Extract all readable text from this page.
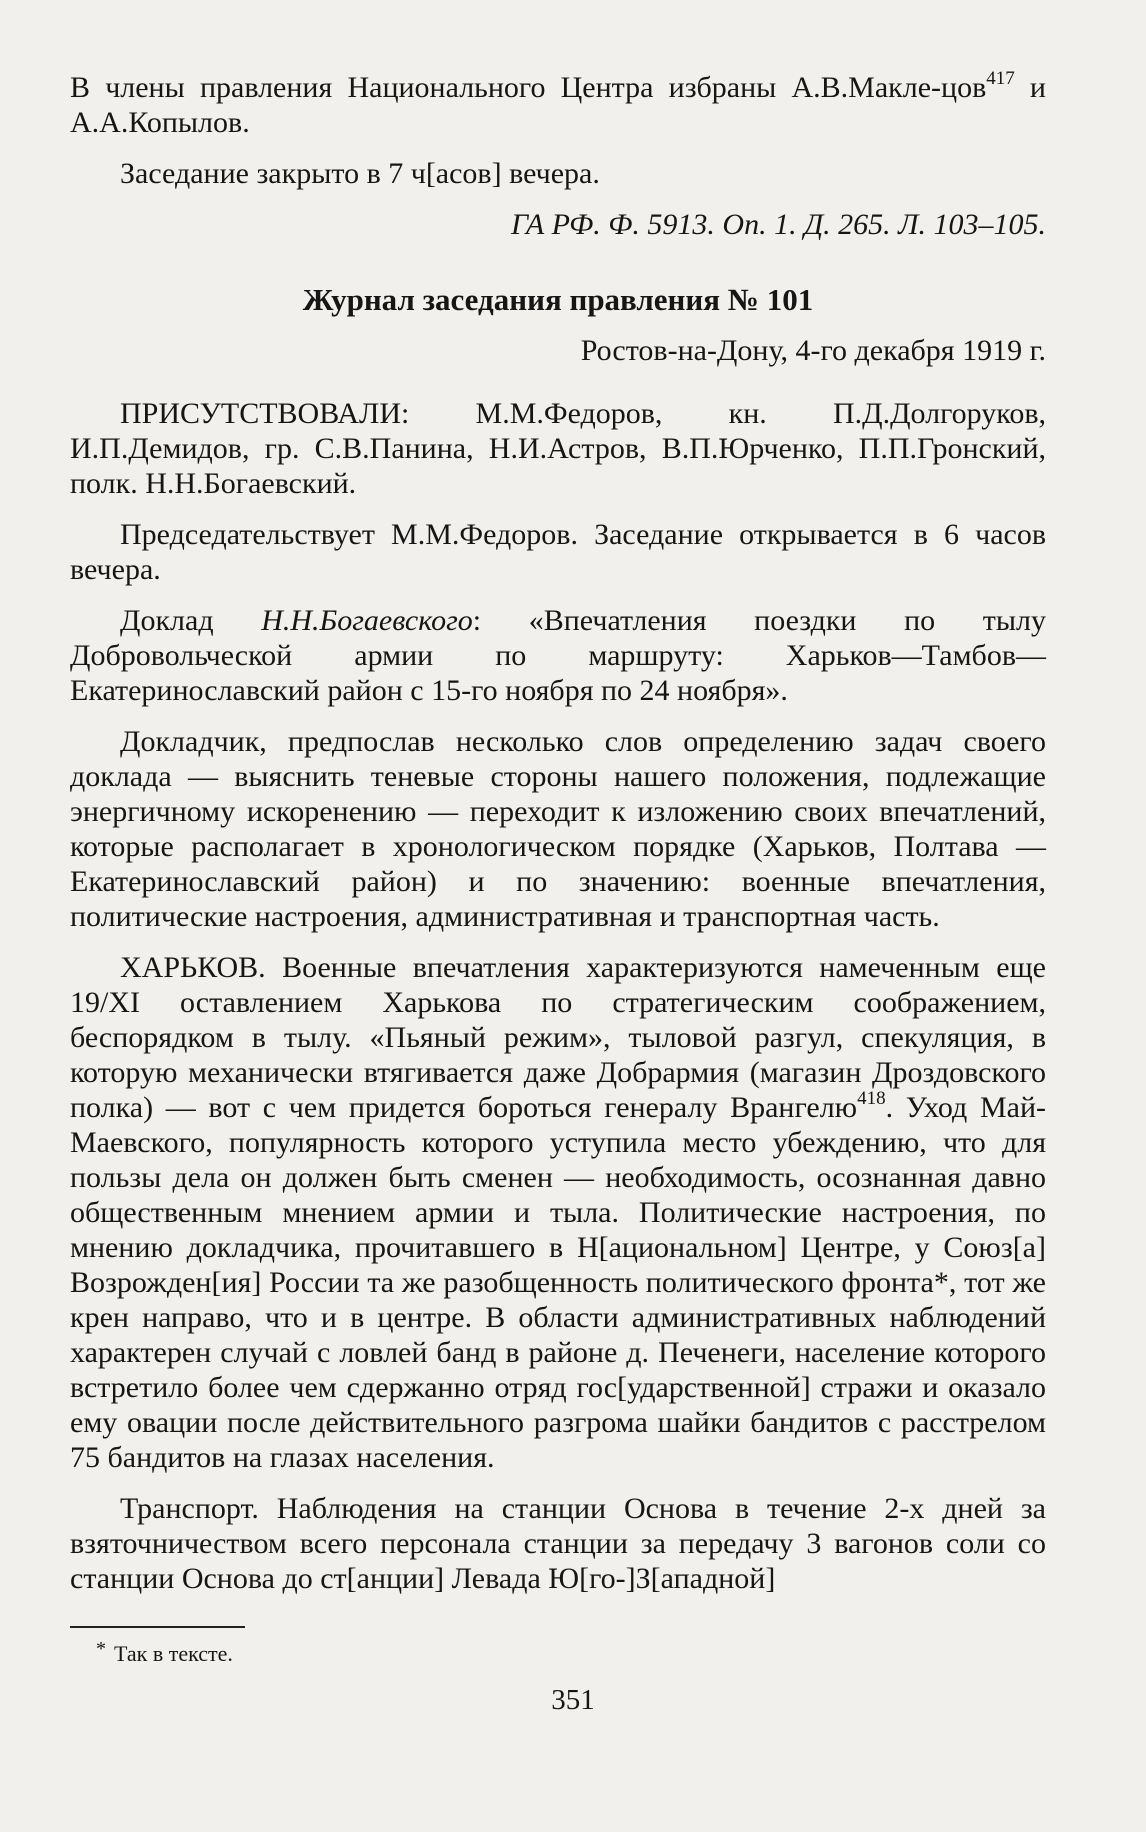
В члены правления Национального Центра избраны А.В.Макле-цов$^{417}$ и А.А.Копылов.

Заседание закрыто в 7 ч[асов] вечера.

ГА РФ. Ф. 5913. Оп. 1. Д. 265. Л. 103–105.

Журнал заседания правления № 101

Ростов-на-Дону, 4-го декабря 1919 г.

ПРИСУТСТВОВАЛИ: М.М.Федоров, кн. П.Д.Долгоруков, И.П.Демидов, гр. С.В.Панина, Н.И.Астров, В.П.Юрченко, П.П.Гронский, полк. Н.Н.Богаевский.

Председательствует М.М.Федоров. Заседание открывается в 6 часов вечера.

Доклад Н.Н.Богаевского: «Впечатления поездки по тылу Добровольческой армии по маршруту: Харьков—Тамбов—Екатеринославский район с 15-го ноября по 24 ноября».

Докладчик, предпослав несколько слов определению задач своего доклада — выяснить теневые стороны нашего положения, подлежащие энергичному искоренению — переходит к изложению своих впечатлений, которые располагает в хронологическом порядке (Харьков, Полтава — Екатеринославский район) и по значению: военные впечатления, политические настроения, административная и транспортная часть.

ХАРЬКОВ. Военные впечатления характеризуются намеченным еще 19/XI оставлением Харькова по стратегическим соображением, беспорядком в тылу. «Пьяный режим», тыловой разгул, спекуляция, в которую механически втягивается даже Добрармия (магазин Дроздовского полка) — вот с чем придется бороться генералу Врангелю$^{418}$. Уход Май-Маевского, популярность которого уступила место убеждению, что для пользы дела он должен быть сменен — необходимость, осознанная давно общественным мнением армии и тыла. Политические настроения, по мнению докладчика, прочитавшего в Н[ациональном] Центре, у Союз[а] Возрожден[ия] России та же разобщенность политического фронта*, тот же крен направо, что и в центре. В области административных наблюдений характерен случай с ловлей банд в районе д. Печенеги, население которого встретило более чем сдержанно отряд гос[ударственной] стражи и оказало ему овации после действительного разгрома шайки бандитов с расстрелом 75 бандитов на глазах населения.

Транспорт. Наблюдения на станции Основа в течение 2-х дней за взяточничеством всего персонала станции за передачу 3 вагонов соли со станции Основа до ст[анции] Левада Ю[го-]З[ападной]

* Так в тексте.
351
